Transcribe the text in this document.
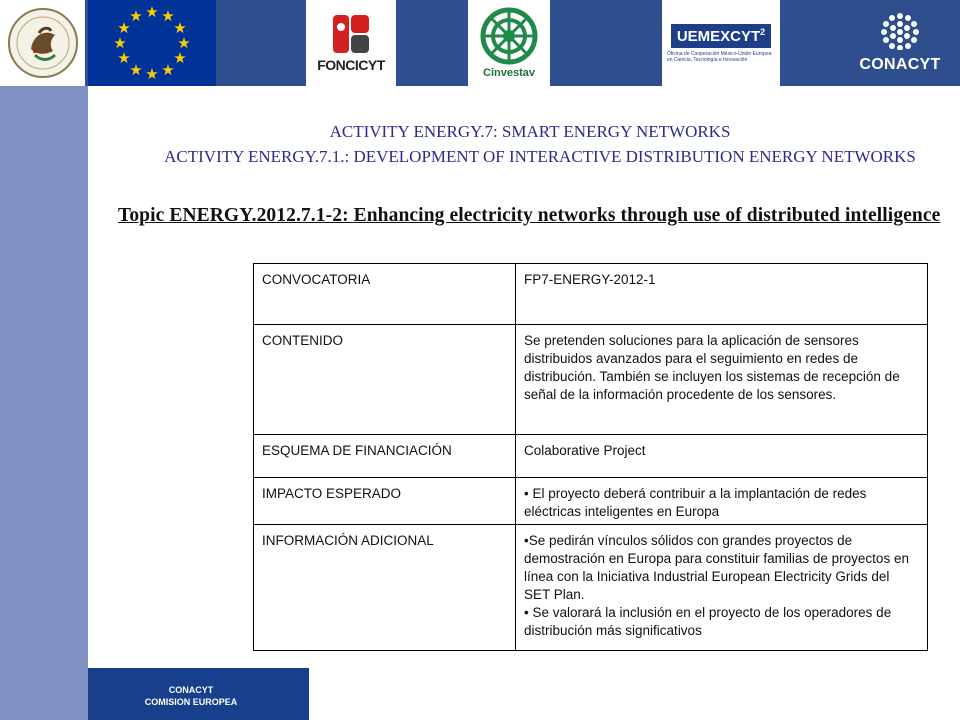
★ ★
★
★
★
★
★
★
★
★
★
★
FONCICYT	Cinvestav
UEMEXCYT$^2$
Oficina de Cooperación México-Unión Europea en Ciencia, Tecnología e Innovación	CONACYT
CONACYT
COMISION EUROPEA
ACTIVITY ENERGY.7: SMART ENERGY NETWORKS
ACTIVITY ENERGY.7.1.: DEVELOPMENT OF INTERACTIVE DISTRIBUTION ENERGY NETWORKS
Topic ENERGY.2012.7.1-2: Enhancing electricity networks through use of distributed intelligence
CONVOCATORIA	FP7-ENERGY-2012-1
CONTENIDO	Se pretenden soluciones para la aplicación de sensores distribuidos avanzados para el seguimiento en redes de distribución. También se incluyen los sistemas de recepción de señal de la información procedente de los sensores.
ESQUEMA DE FINANCIACIÓN	Colaborative Project
IMPACTO ESPERADO	• El proyecto deberá contribuir a la implantación de redes eléctricas inteligentes en Europa
INFORMACIÓN ADICIONAL	•Se pedirán vínculos sólidos con grandes proyectos de demostración en Europa para constituir familias de proyectos en línea con la Iniciativa Industrial European Electricity Grids del SET Plan.
• Se valorará la inclusión en el proyecto de los operadores de distribución más significativos
